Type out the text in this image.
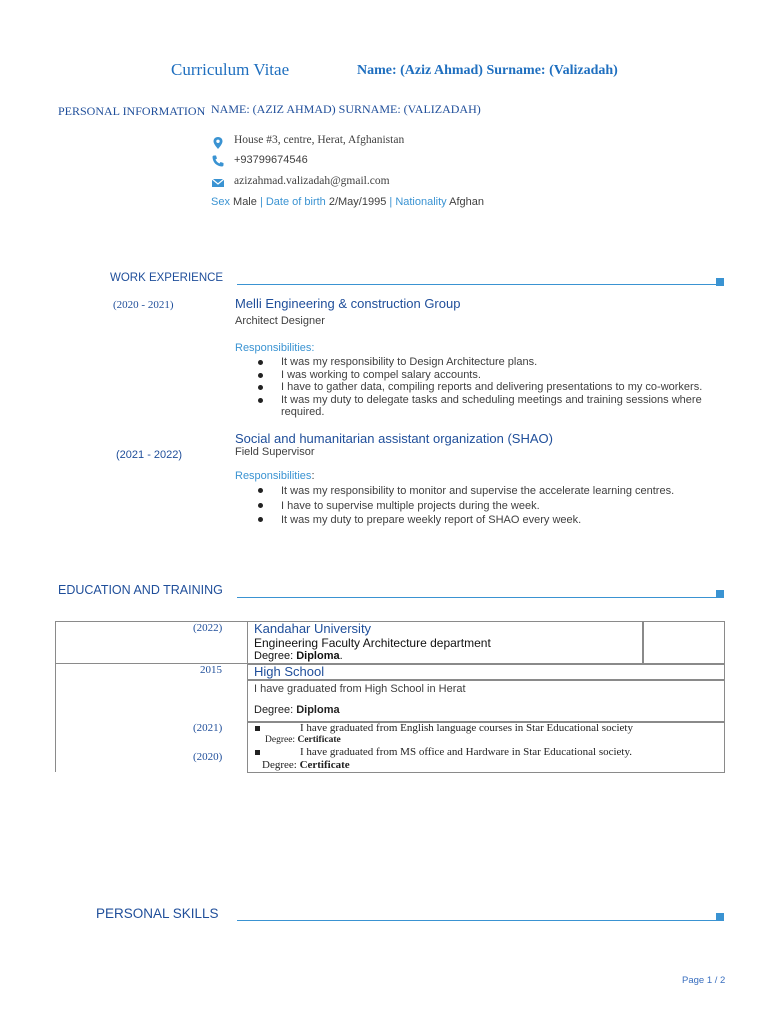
Curriculum Vitae	Name: (Aziz Ahmad) Surname: (Valizadah)
PERSONAL INFORMATION NAME: (AZIZ AHMAD) SURNAME: (VALIZADAH)
House #3, centre, Herat, Afghanistan
+93799674546
azizahmad.valizadah@gmail.com
Sex Male | Date of birth 2/May/1995 | Nationality Afghan
WORK EXPERIENCE
(2020 - 2021)	Melli Engineering & construction Group
Architect Designer
Responsibilities:
It was my responsibility to Design Architecture plans.
I was working to compel salary accounts.
I have to gather data, compiling reports and delivering presentations to my co-workers.
It was my duty to delegate tasks and scheduling meetings and training sessions where required.
(2021 - 2022)
Social and humanitarian assistant organization (SHAO)
Field Supervisor
Responsibilities:
It was my responsibility to monitor and supervise the accelerate learning centres.
I have to supervise multiple projects during the week.
It was my duty to prepare weekly report of SHAO every week.
EDUCATION AND TRAINING
(2022) Kandahar University
Engineering Faculty Architecture department
Degree: Diploma.
2015 High School
I have graduated from High School in Herat
Degree: Diploma
(2021)	I have graduated from English language courses in Star Educational society
Degree: Certificate
(2020)	I have graduated from MS office and Hardware in Star Educational society.
Degree: Certificate
PERSONAL SKILLS
Page 1 / 2
